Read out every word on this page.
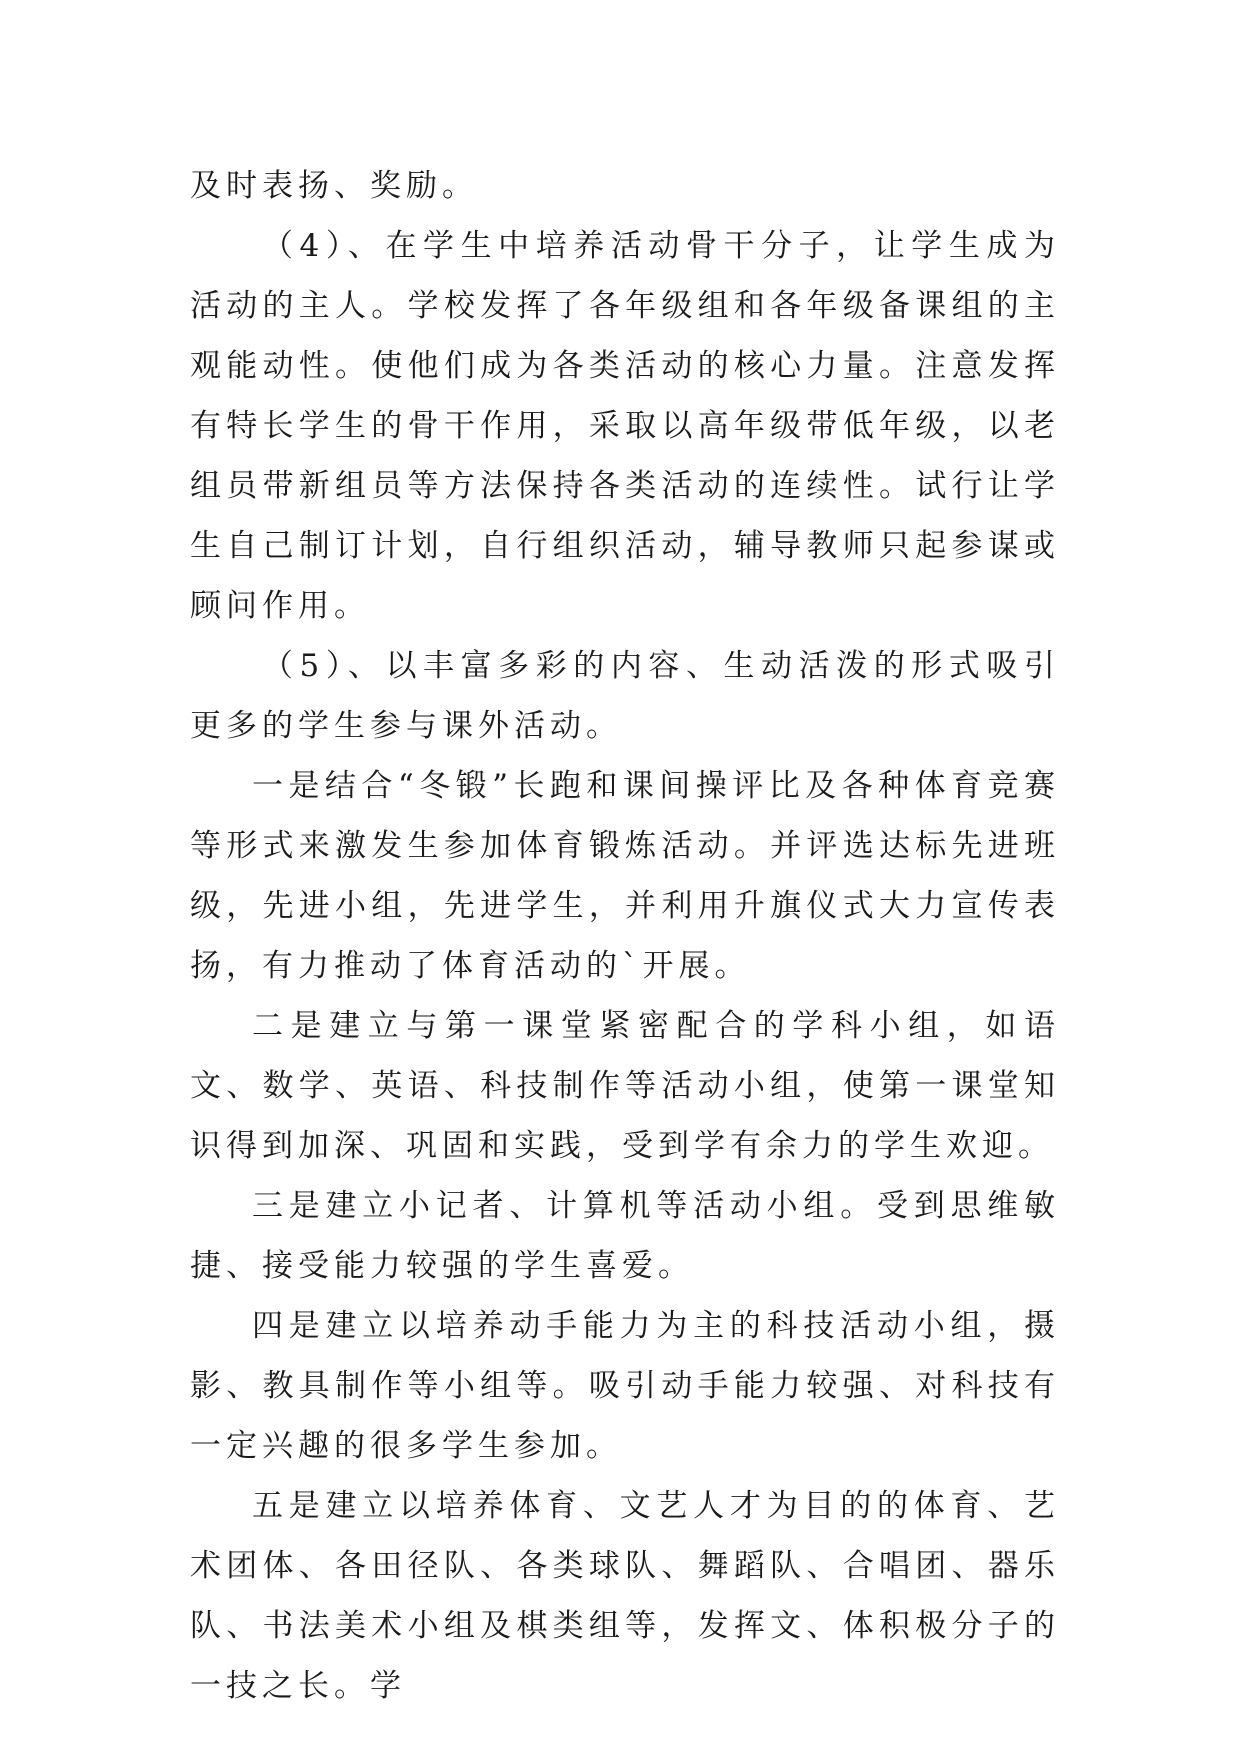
及时表扬、奖励。

（4）、在学生中培养活动骨干分子，让学生成为活动的主人。学校发挥了各年级组和各年级备课组的主观能动性。使他们成为各类活动的核心力量。注意发挥有特长学生的骨干作用，采取以高年级带低年级，以老组员带新组员等方法保持各类活动的连续性。试行让学生自己制订计划，自行组织活动，辅导教师只起参谋或顾问作用。

（5）、以丰富多彩的内容、生动活泼的形式吸引更多的学生参与课外活动。

一是结合“冬锻”长跑和课间操评比及各种体育竞赛等形式来激发生参加体育锻炼活动。并评选达标先进班级，先进小组，先进学生，并利用升旗仪式大力宣传表扬，有力推动了体育活动的`开展。

二是建立与第一课堂紧密配合的学科小组，如语文、数学、英语、科技制作等活动小组，使第一课堂知识得到加深、巩固和实践，受到学有余力的学生欢迎。

三是建立小记者、计算机等活动小组。受到思维敏捷、接受能力较强的学生喜爱。

四是建立以培养动手能力为主的科技活动小组，摄影、教具制作等小组等。吸引动手能力较强、对科技有一定兴趣的很多学生参加。

五是建立以培养体育、文艺人才为目的的体育、艺术团体、各田径队、各类球队、舞蹈队、合唱团、器乐队、书法美术小组及棋类组等，发挥文、体积极分子的一技之长。学
